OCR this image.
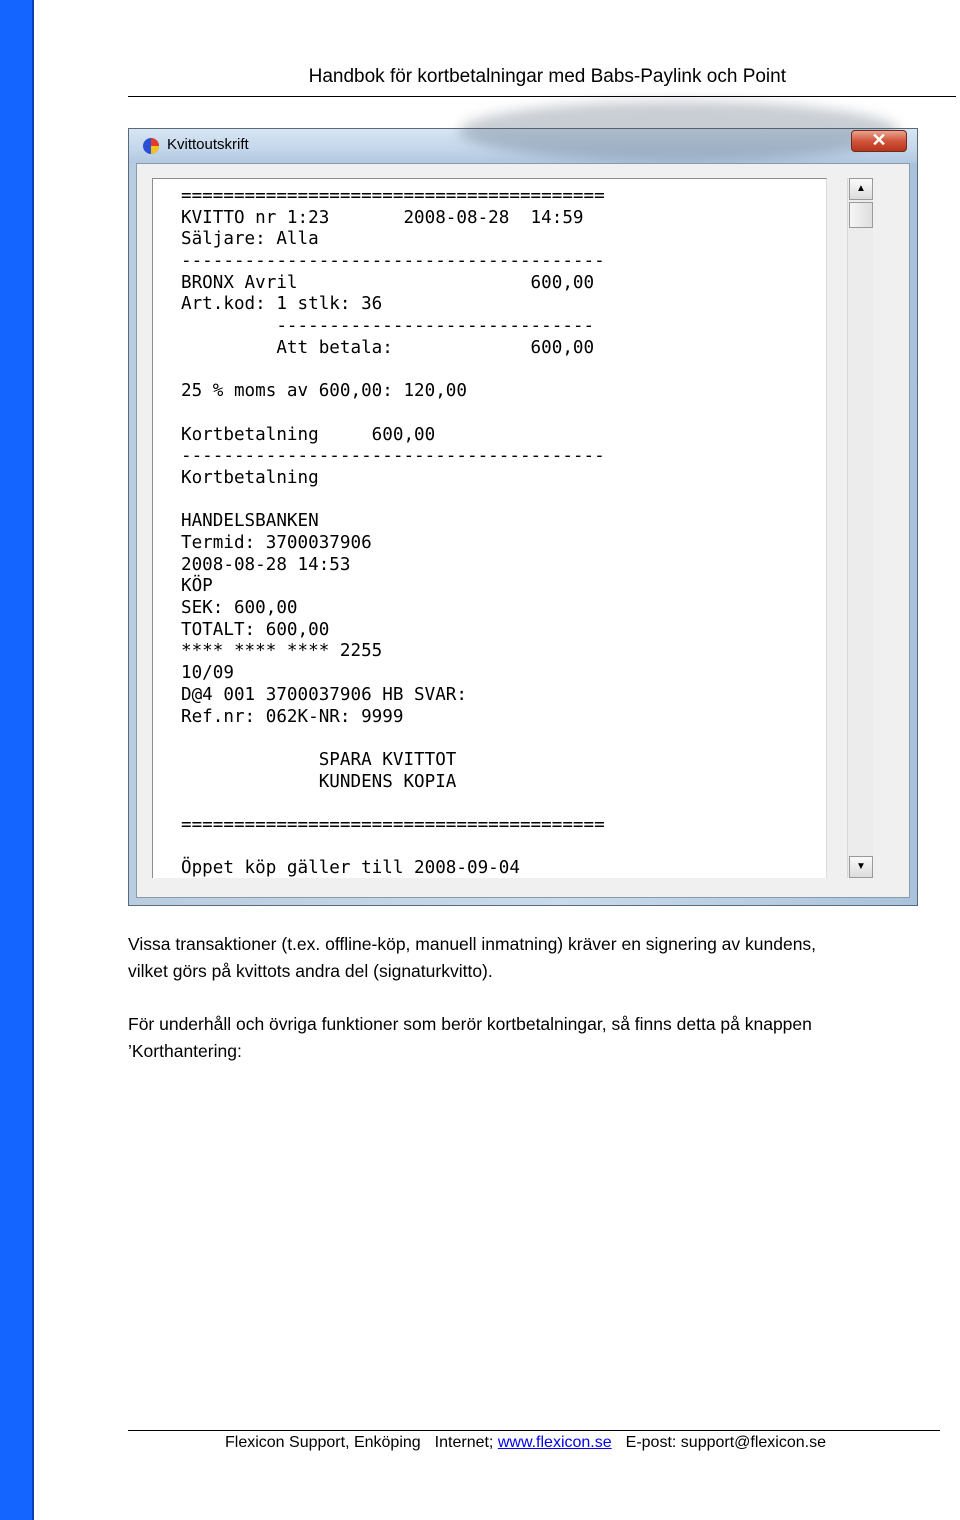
Handbok för kortbetalningar med Babs-Paylink och Point
Kvittoutskrift	✕
========================================
KVITTO nr 1:23       2008-08-28  14:59
Säljare: Alla
----------------------------------------
BRONX Avril                      600,00
Art.kod: 1 stlk: 36
------------------------------
Att betala:             600,00
25 % moms av 600,00: 120,00
Kortbetalning     600,00
----------------------------------------
Kortbetalning
HANDELSBANKEN
Termid: 3700037906
2008-08-28 14:53
KÖP
SEK: 600,00
TOTALT: 600,00
**** **** **** 2255
10/09
D@4 001 3700037906 HB SVAR:
Ref.nr: 062K-NR: 9999
SPARA KVITTOT
KUNDENS KOPIA
========================================
Öppet köp gäller till 2008-09-04
▲
▼
Vissa transaktioner (t.ex. offline-köp, manuell inmatning) kräver en signering av kundens,
vilket görs på kvittots andra del (signaturkvitto).
För underhåll och övriga funktioner som berör kortbetalningar, så finns detta på knappen
’Korthantering:
Flexicon Support, Enköping Internet; www.flexicon.se E-post: support@flexicon.se
